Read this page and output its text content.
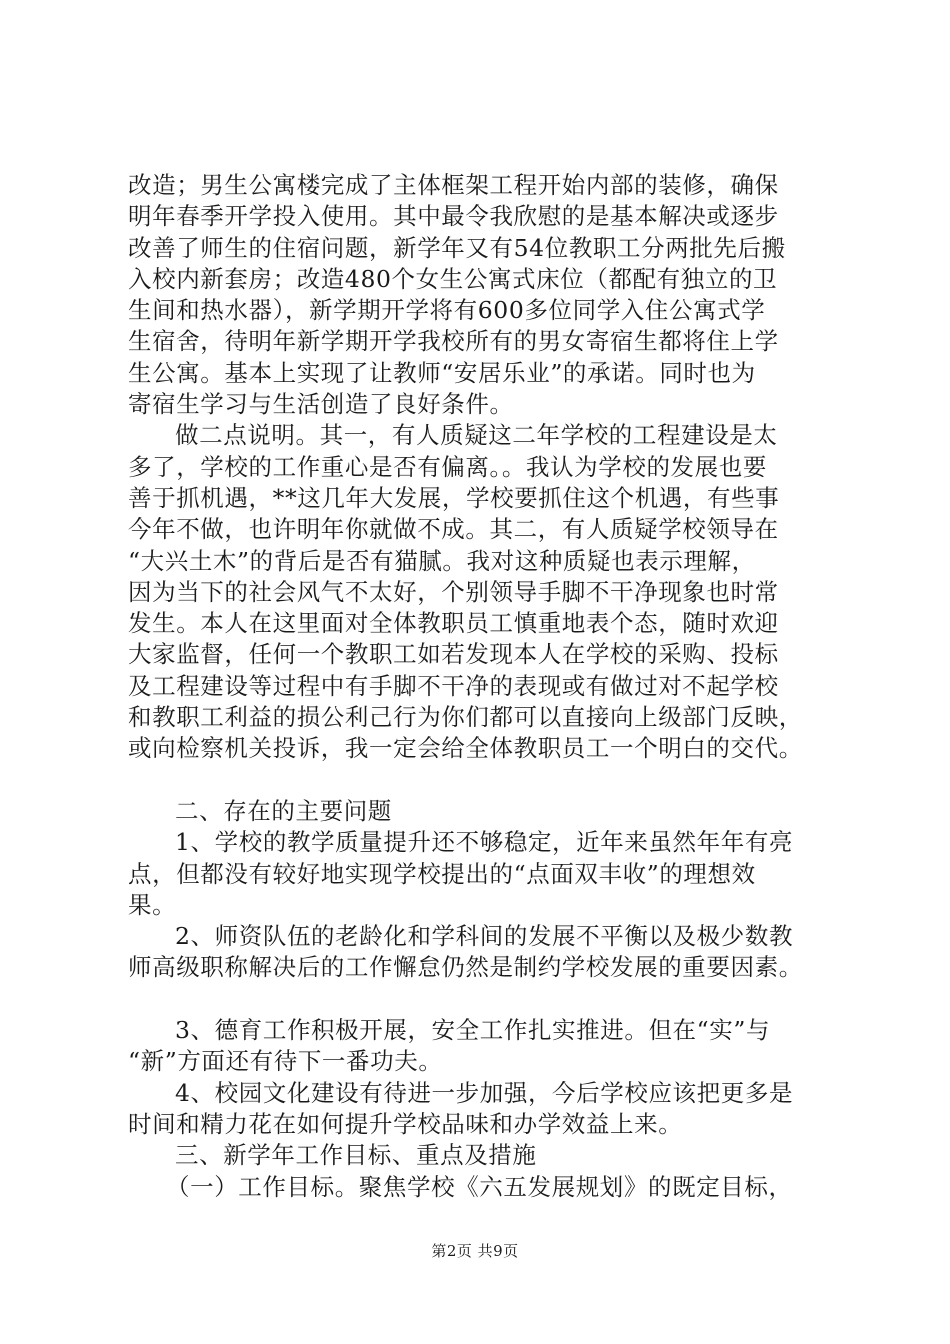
改造；男生公寓楼完成了主体框架工程开始内部的装修，确保
明年春季开学投入使用。其中最令我欣慰的是基本解决或逐步
改善了师生的住宿问题，新学年又有54位教职工分两批先后搬
入校内新套房；改造480个女生公寓式床位（都配有独立的卫
生间和热水器），新学期开学将有600多位同学入住公寓式学
生宿舍，待明年新学期开学我校所有的男女寄宿生都将住上学
生公寓。基本上实现了让教师“安居乐业”的承诺。同时也为
寄宿生学习与生活创造了良好条件。
做二点说明。其一，有人质疑这二年学校的工程建设是太
多了，学校的工作重心是否有偏离。。我认为学校的发展也要
善于抓机遇，**这几年大发展，学校要抓住这个机遇，有些事
今年不做，也许明年你就做不成。其二，有人质疑学校领导在
“大兴土木”的背后是否有猫腻。我对这种质疑也表示理解，
因为当下的社会风气不太好，个别领导手脚不干净现象也时常
发生。本人在这里面对全体教职员工慎重地表个态，随时欢迎
大家监督，任何一个教职工如若发现本人在学校的采购、投标
及工程建设等过程中有手脚不干净的表现或有做过对不起学校
和教职工利益的损公利己行为你们都可以直接向上级部门反映，
或向检察机关投诉，我一定会给全体教职员工一个明白的交代。
二、存在的主要问题
1、学校的教学质量提升还不够稳定，近年来虽然年年有亮
点，但都没有较好地实现学校提出的“点面双丰收”的理想效
果。
2、师资队伍的老龄化和学科间的发展不平衡以及极少数教
师高级职称解决后的工作懈怠仍然是制约学校发展的重要因素。
3、德育工作积极开展，安全工作扎实推进。但在“实”与
“新”方面还有待下一番功夫。
4、校园文化建设有待进一步加强，今后学校应该把更多是
时间和精力花在如何提升学校品味和办学效益上来。
三、新学年工作目标、重点及措施
（一）工作目标。聚焦学校《六五发展规划》的既定目标，
第2页 共9页
